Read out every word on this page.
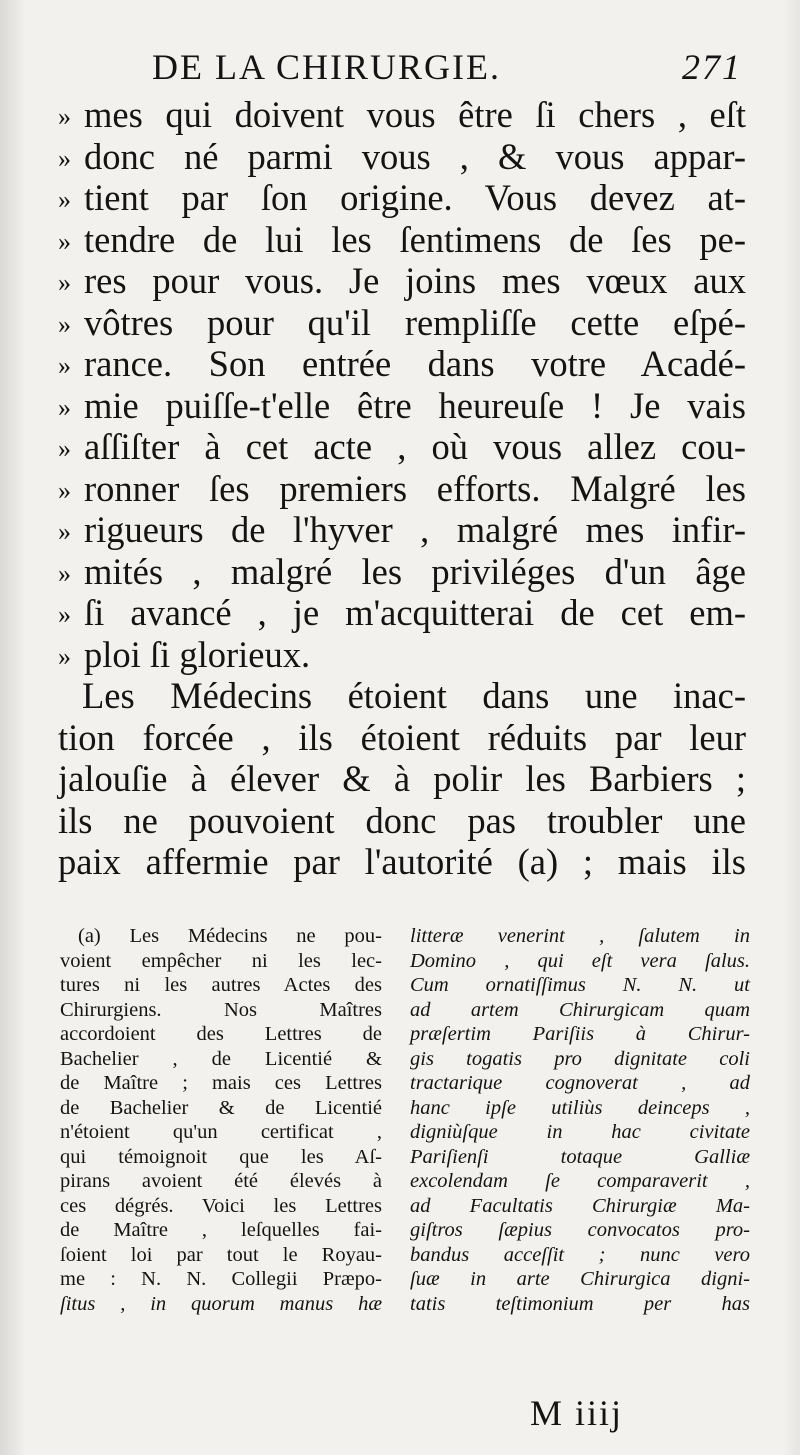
DE LA CHIRURGIE.	271
» mes qui doivent vous être ſi chers , eſt
» donc né parmi vous , & vous appar-
» tient par ſon origine. Vous devez at-
» tendre de lui les ſentimens de ſes pe-
» res pour vous. Je joins mes vœux aux
» vôtres pour qu'il rempliſſe cette eſpé-
» rance. Son entrée dans votre Acadé-
» mie puiſſe-t'elle être heureuſe ! Je vais
» aſſiſter à cet acte , où vous allez cou-
» ronner ſes premiers efforts. Malgré les
» rigueurs de l'hyver , malgré mes infir-
» mités , malgré les priviléges d'un âge
» ſi avancé , je m'acquitterai de cet em-
» ploi ſi glorieux.
Les Médecins étoient dans une inac-
tion forcée , ils étoient réduits par leur
jalouſie à élever & à polir les Barbiers ;
ils ne pouvoient donc pas troubler une
paix affermie par l'autorité (a) ; mais ils
(a) Les Médecins ne pou-
voient empêcher ni les lec-
tures ni les autres Actes des
Chirurgiens. Nos Maîtres
accordoient des Lettres de
Bachelier , de Licentié &
de Maître ; mais ces Lettres
de Bachelier & de Licentié
n'étoient qu'un certificat ,
qui témoignoit que les Aſ-
pirans avoient été élevés à
ces dégrés. Voici les Lettres
de Maître , leſquelles fai-
ſoient loi par tout le Royau-
me : N. N. Collegii Præpo-
ſitus , in quorum manus hæ
litteræ venerint , ſalutem in
Domino , qui eſt vera ſalus.
Cum ornatiſſimus N. N. ut
ad artem Chirurgicam quam
præſertim Pariſiis à Chirur-
gis togatis pro dignitate coli
tractarique cognoverat , ad
hanc ipſe utiliùs deinceps ,
digniùſque in hac civitate
Pariſienſi totaque Galliæ
excolendam ſe comparaverit ,
ad Facultatis Chirurgiæ Ma-
giſtros ſæpius convocatos pro-
bandus acceſſit ; nunc vero
ſuæ in arte Chirurgica digni-
tatis teſtimonium per has
M iiij
